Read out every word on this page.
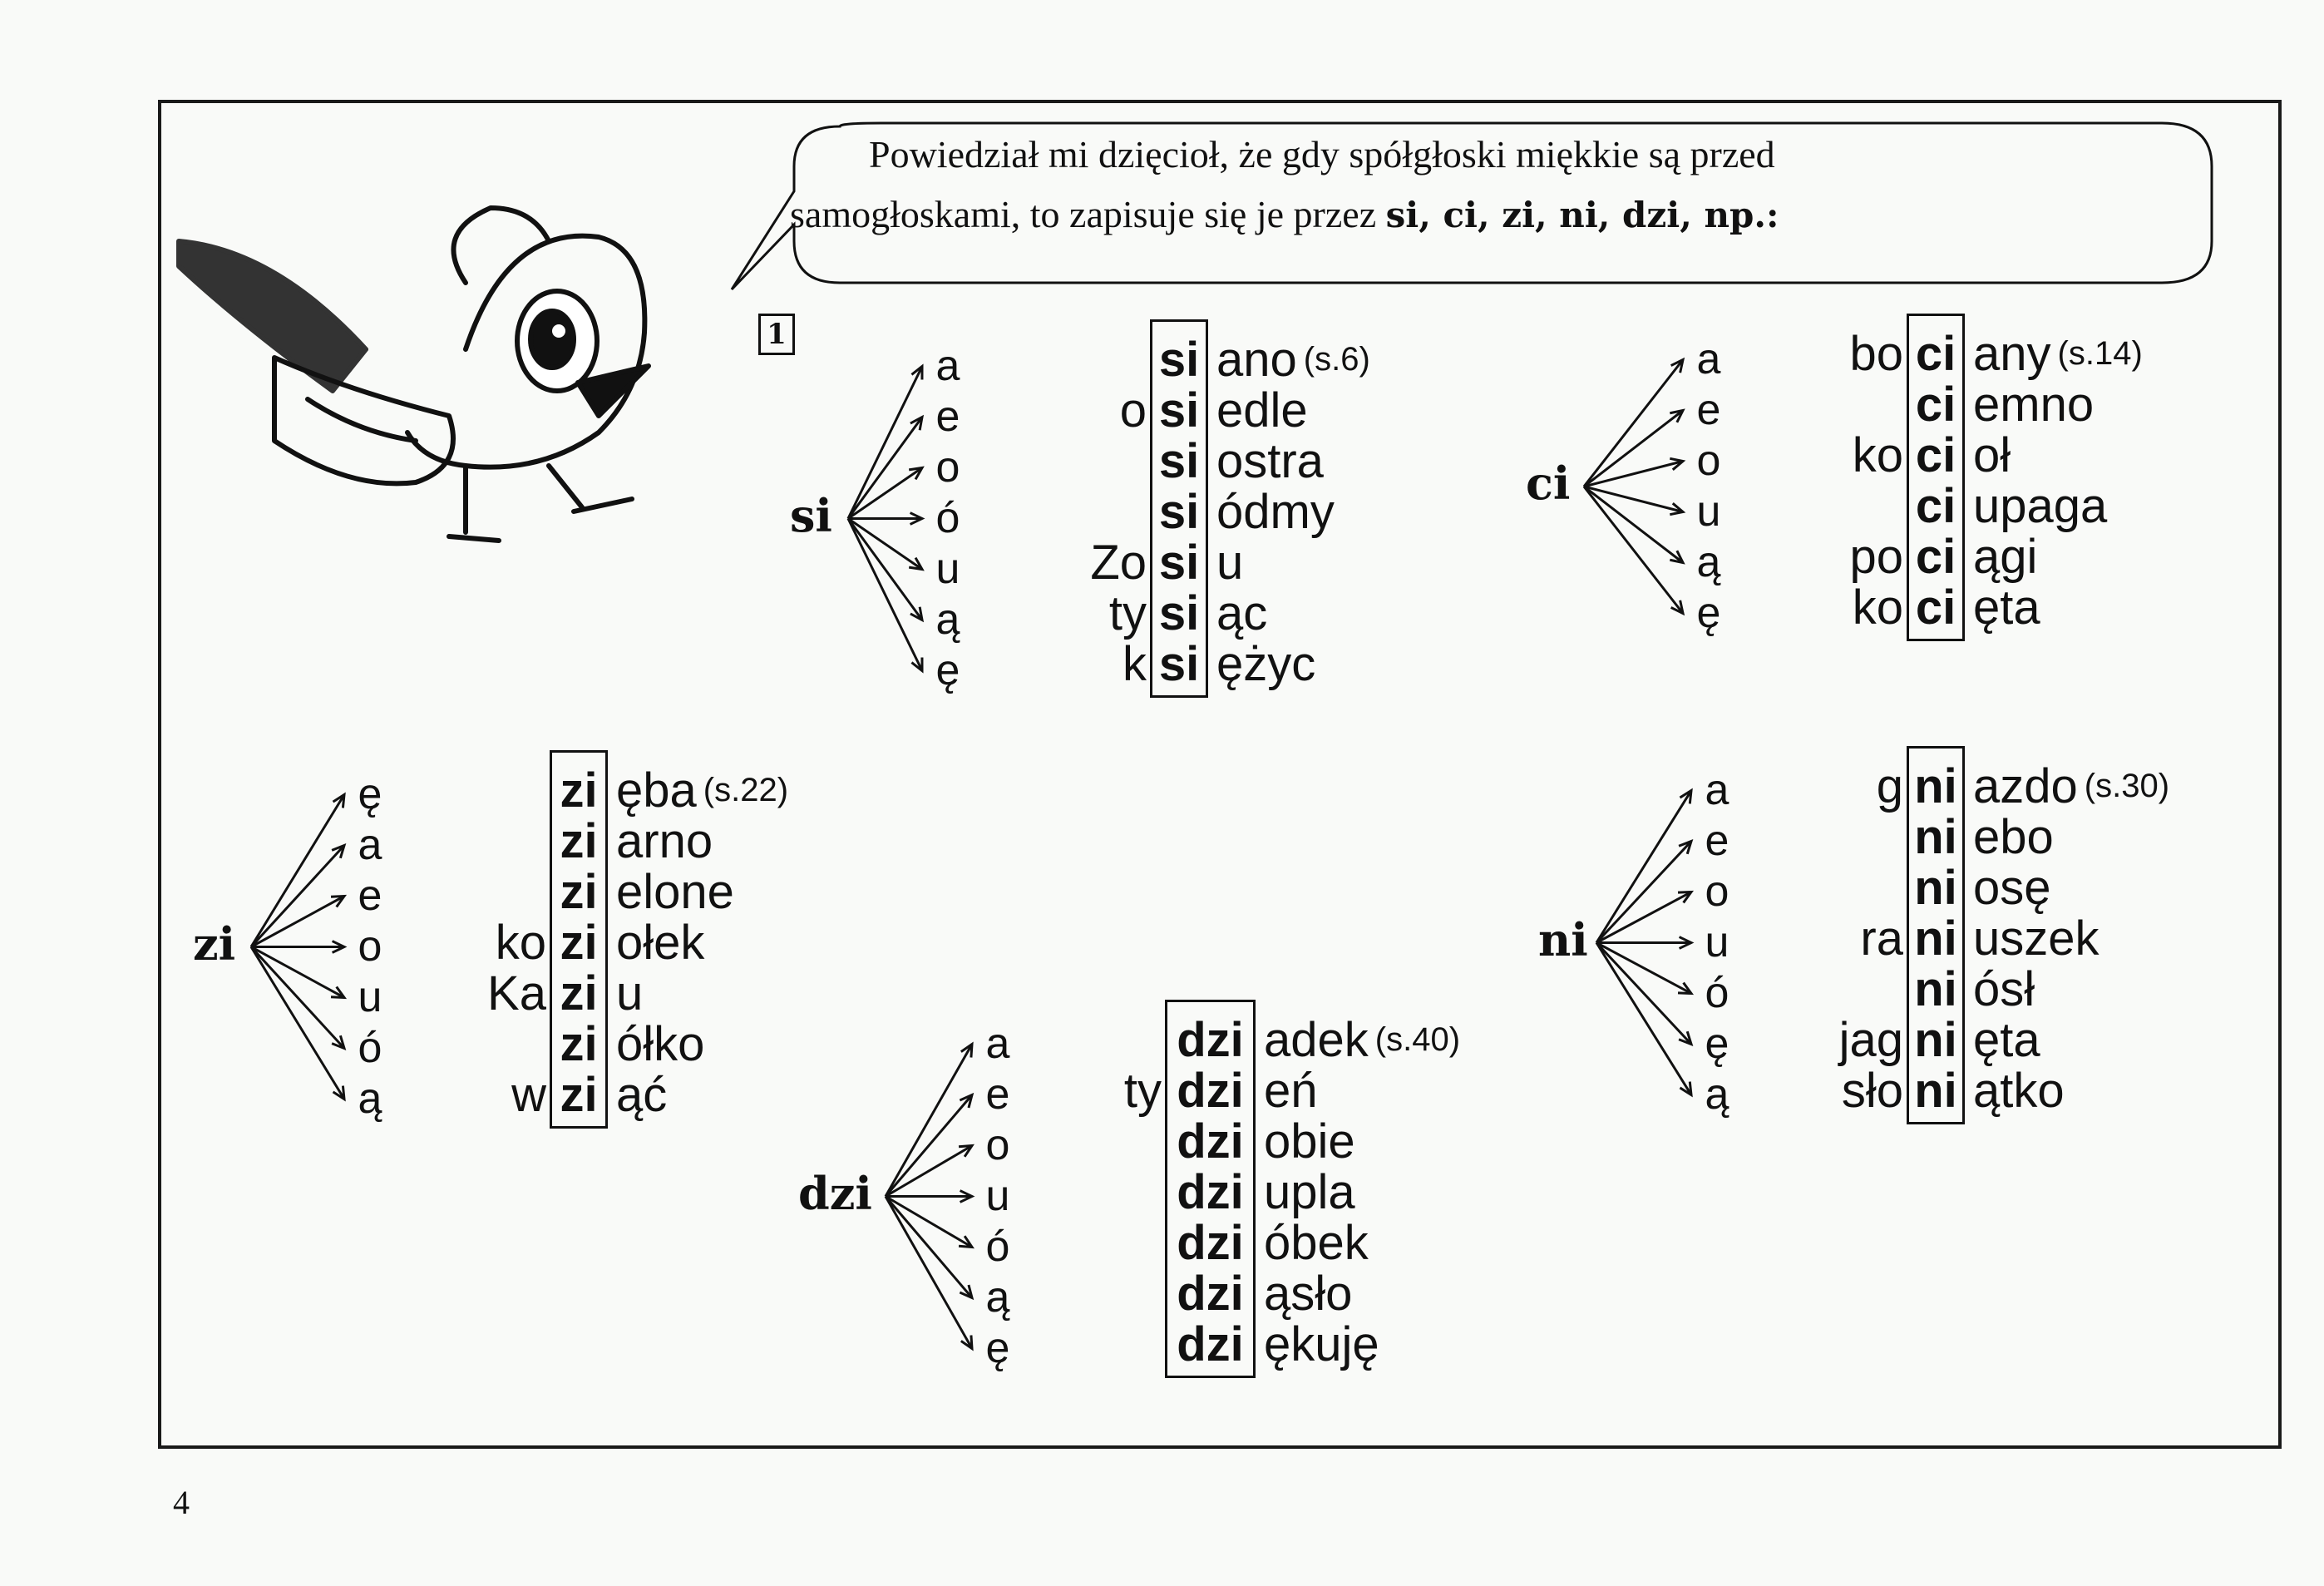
Powiedział mi dzięcioł, że gdy spółgłoski miękkie są przed
samogłoskami, to zapisuje się je przez si, ci, zi, ni, dzi, np.:
1
4
si
a
e
o
ó
u
ą
ę
si ano (s.6)
o si edle
si ostra
si ódmy
Zo si u
ty si ąc
k si ężyc
ci
a
e
o
u
ą
ę
bo ci any (s.14)
ci emno
ko ci oł
ci upaga
po ci ągi
ko ci ęta
zi
ę
a
e
o
u
ó
ą
zi ęba (s.22)
zi arno
zi elone
ko zi ołek
Ka zi u
zi ółko
w zi ąć
ni
a
e
o
u
ó
ę
ą
g ni azdo (s.30)
ni ebo
ni osę
ra ni uszek
ni ósł
jag ni ęta
sło ni ątko
dzi
a
e
o
u
ó
ą
ę
dzi adek (s.40)
ty dzi eń
dzi obie
dzi upla
dzi óbek
dzi ąsło
dzi ękuję
